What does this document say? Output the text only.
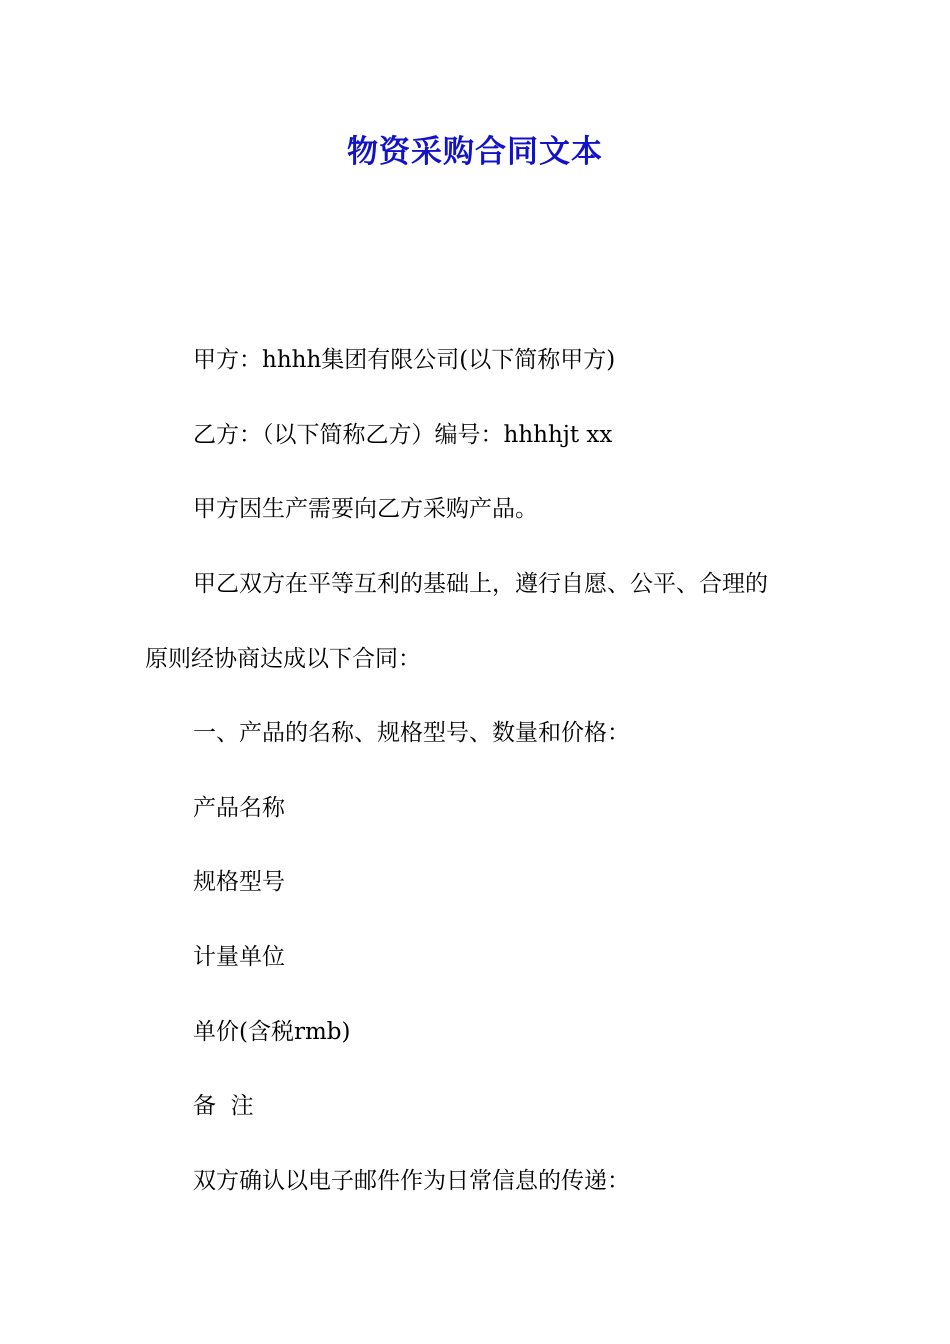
物资采购合同文本
甲方：hhhh集团有限公司(以下简称甲方)
乙方：（以下简称乙方）编号：hhhhjt xx
甲方因生产需要向乙方采购产品。
甲乙双方在平等互利的基础上，遵行自愿、公平、合理的
原则经协商达成以下合同：
一、产品的名称、规格型号、数量和价格：
产品名称
规格型号
计量单位
单价(含税rmb)
备  注
双方确认以电子邮件作为日常信息的传递：
